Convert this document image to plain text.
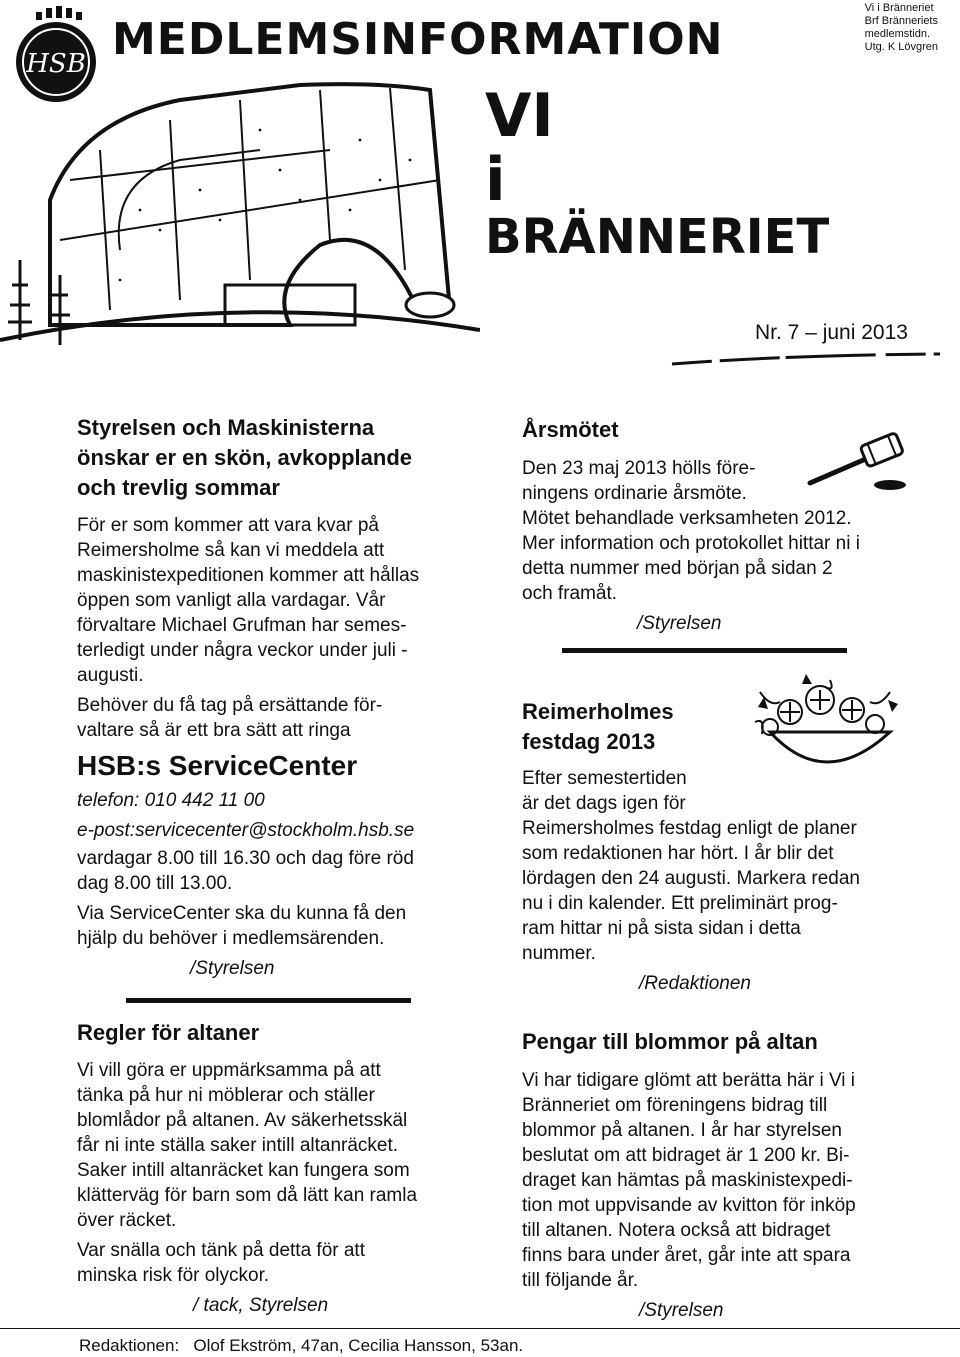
HSB MEDLEMSINFORMATION
Vi i Bränneriet
Brf Bränneriets
medlemstidn.
Utg. K Lövgren
VI
i
BRÄNNERIET
Nr. 7 – juni 2013
Styrelsen och Maskinisterna
önskar er en skön, avkopplande
och trevlig sommar
För er som kommer att vara kvar på
Reimersholme så kan vi meddela att
maskinistexpeditionen kommer att hållas
öppen som vanligt alla vardagar. Vår
förvaltare Michael Grufman har semes-
terledigt under några veckor under juli -
augusti.
Behöver du få tag på ersättande för-
valtare så är ett bra sätt att ringa
HSB:s ServiceCenter
telefon: 010 442 11 00
e-post:servicecenter@stockholm.hsb.se
vardagar 8.00 till 16.30 och dag före röd
dag 8.00 till 13.00.
Via ServiceCenter ska du kunna få den
hjälp du behöver i medlemsärenden.
/Styrelsen
Regler för altaner
Vi vill göra er uppmärksamma på att
tänka på hur ni möblerar och ställer
blomlådor på altanen. Av säkerhetsskäl
får ni inte ställa saker intill altanräcket.
Saker intill altanräcket kan fungera som
klätterväg för barn som då lätt kan ramla
över räcket.
Var snälla och tänk på detta för att
minska risk för olyckor.
/ tack, Styrelsen
Årsmötet
Den 23 maj 2013 hölls före-
ningens ordinarie årsmöte.
Mötet behandlade verksamheten 2012.
Mer information och protokollet hittar ni i
detta nummer med början på sidan 2
och framåt.
/Styrelsen
Reimerholmes
festdag 2013
Efter semestertiden
är det dags igen för
Reimersholmes festdag enligt de planer
som redaktionen har hört. I år blir det
lördagen den 24 augusti. Markera redan
nu i din kalender. Ett preliminärt prog-
ram hittar ni på sista sidan i detta
nummer.
/Redaktionen
Pengar till blommor på altan
Vi har tidigare glömt att berätta här i Vi i
Bränneriet om föreningens bidrag till
blommor på altanen. I år har styrelsen
beslutat om att bidraget är 1 200 kr. Bi-
draget kan hämtas på maskinistexpedi-
tion mot uppvisande av kvitton för inköp
till altanen. Notera också att bidraget
finns bara under året, går inte att spara
till följande år.
/Styrelsen
Redaktionen:   Olof Ekström, 47an, Cecilia Hansson, 53an.
